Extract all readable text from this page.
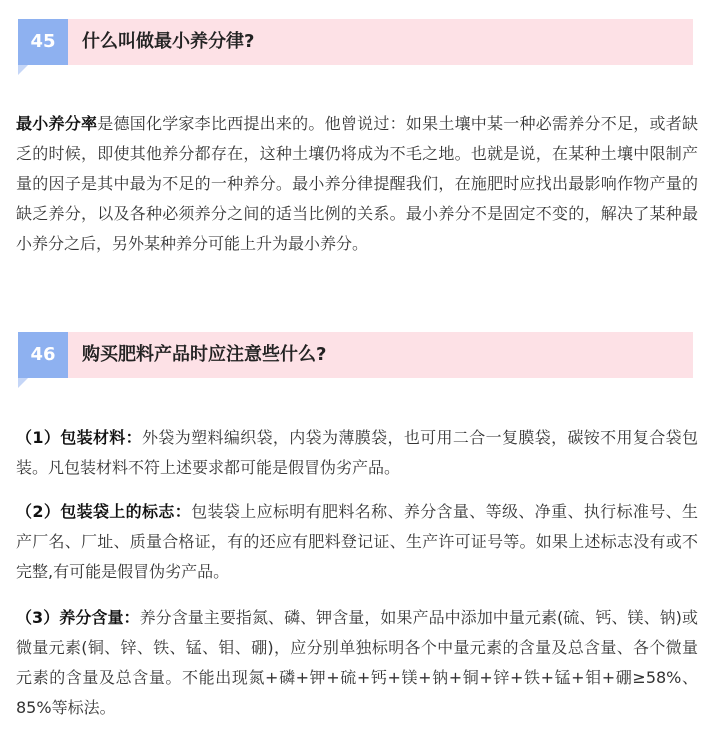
45	什么叫做最小养分律?

最小养分率是德国化学家李比西提出来的。他曾说过：如果土壤中某一种必需养分不足，或者缺乏的时候，即使其他养分都存在，这种土壤仍将成为不毛之地。也就是说，在某种土壤中限制产量的因子是其中最为不足的一种养分。最小养分律提醒我们，在施肥时应找出最影响作物产量的缺乏养分，以及各种必须养分之间的适当比例的关系。最小养分不是固定不变的，解决了某种最小养分之后，另外某种养分可能上升为最小养分。

46	购买肥料产品时应注意些什么?

（1）包装材料：外袋为塑料编织袋，内袋为薄膜袋，也可用二合一复膜袋，碳铵不用复合袋包装。凡包装材料不符上述要求都可能是假冒伪劣产品。

（2）包装袋上的标志：包装袋上应标明有肥料名称、养分含量、等级、净重、执行标准号、生产厂名、厂址、质量合格证，有的还应有肥料登记证、生产许可证号等。如果上述标志没有或不完整,有可能是假冒伪劣产品。

（3）养分含量：养分含量主要指氮、磷、钾含量，如果产品中添加中量元素(硫、钙、镁、钠)或微量元素(铜、锌、铁、锰、钼、硼)，应分别单独标明各个中量元素的含量及总含量、各个微量元素的含量及总含量。不能出现氮+磷+钾+硫+钙+镁+钠+铜+锌+铁+锰+钼+硼≥58%、85%等标法。
